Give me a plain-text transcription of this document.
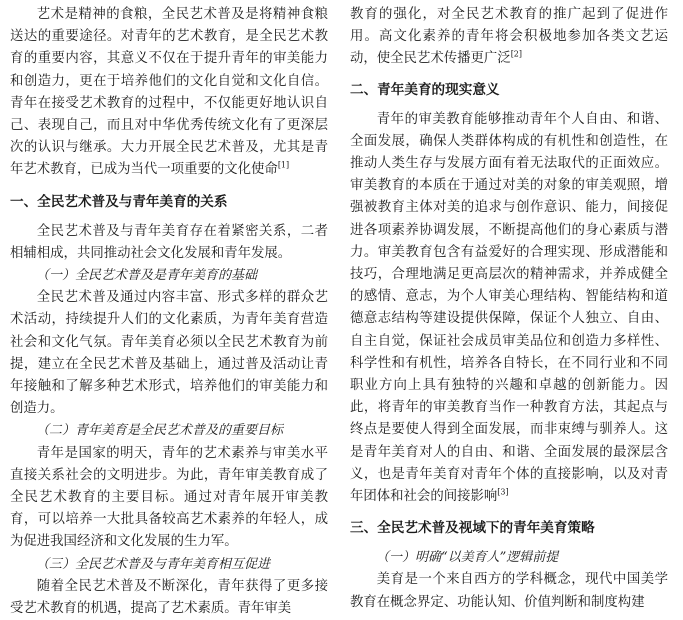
艺术是精神的食粮，全民艺术普及是将精神食粮送达的重要途径。对青年的艺术教育，是全民艺术教育的重要内容，其意义不仅在于提升青年的审美能力和创造力，更在于培养他们的文化自觉和文化自信。青年在接受艺术教育的过程中，不仅能更好地认识自己、表现自己，而且对中华优秀传统文化有了更深层次的认识与继承。大力开展全民艺术普及，尤其是青年艺术教育，已成为当代一项重要的文化使命[1]

一、全民艺术普及与青年美育的关系

全民艺术普及与青年美育存在着紧密关系，二者相辅相成，共同推动社会文化发展和青年发展。

（一）全民艺术普及是青年美育的基础

全民艺术普及通过内容丰富、形式多样的群众艺术活动，持续提升人们的文化素质，为青年美育营造社会和文化气氛。青年美育必须以全民艺术教育为前提，建立在全民艺术普及基础上，通过普及活动让青年接触和了解多种艺术形式，培养他们的审美能力和创造力。

（二）青年美育是全民艺术普及的重要目标

青年是国家的明天，青年的艺术素养与审美水平直接关系社会的文明进步。为此，青年审美教育成了全民艺术教育的主要目标。通过对青年展开审美教育，可以培养一大批具备较高艺术素养的年轻人，成为促进我国经济和文化发展的生力军。

（三）全民艺术普及与青年美育相互促进

随着全民艺术普及不断深化，青年获得了更多接受艺术教育的机遇，提高了艺术素质。青年审美

教育的强化，对全民艺术教育的推广起到了促进作用。高文化素养的青年将会积极地参加各类文艺运动，使全民艺术传播更广泛[2]

二、青年美育的现实意义

青年的审美教育能够推动青年个人自由、和谐、全面发展，确保人类群体构成的有机性和创造性，在推动人类生存与发展方面有着无法取代的正面效应。审美教育的本质在于通过对美的对象的审美观照，增强被教育主体对美的追求与创作意识、能力，间接促进各项素养协调发展，不断提高他们的身心素质与潜力。审美教育包含有益爱好的合理实现、形成潜能和技巧，合理地满足更高层次的精神需求，并养成健全的感情、意志，为个人审美心理结构、智能结构和道德意志结构等建设提供保障，保证个人独立、自由、自主自觉，保证社会成员审美品位和创造力多样性、科学性和有机性，培养各自特长，在不同行业和不同职业方向上具有独特的兴趣和卓越的创新能力。因此，将青年的审美教育当作一种教育方法，其起点与终点是要使人得到全面发展，而非束缚与驯养人。这是青年美育对人的自由、和谐、全面发展的最深层含义，也是青年美育对青年个体的直接影响，以及对青年团体和社会的间接影响[3]

三、全民艺术普及视域下的青年美育策略
（一）明确“以美育人”逻辑前提

美育是一个来自西方的学科概念，现代中国美学教育在概念界定、功能认知、价值判断和制度构建
